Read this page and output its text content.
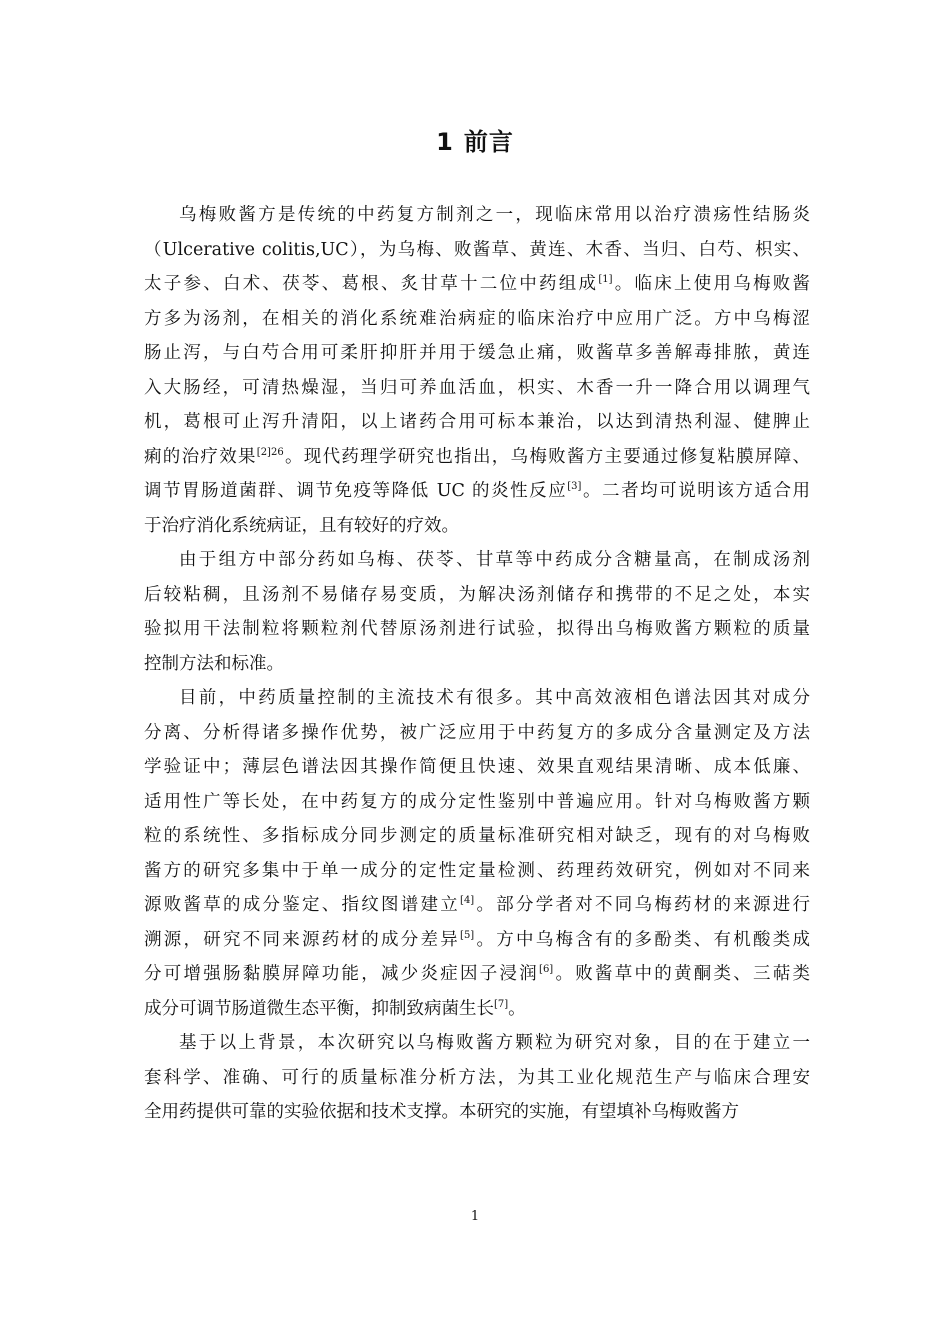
1 前言
乌梅败酱方是传统的中药复方制剂之一，现临床常用以治疗溃疡性结肠炎
（Ulcerative colitis,UC），为乌梅、败酱草、黄连、木香、当归、白芍、枳实、
太子参、白术、茯苓、葛根、炙甘草十二位中药组成[1]。临床上使用乌梅败酱
方多为汤剂，在相关的消化系统难治病症的临床治疗中应用广泛。方中乌梅涩
肠止泻，与白芍合用可柔肝抑肝并用于缓急止痛，败酱草多善解毒排脓，黄连
入大肠经，可清热燥湿，当归可养血活血，枳实、木香一升一降合用以调理气
机，葛根可止泻升清阳，以上诸药合用可标本兼治，以达到清热利湿、健脾止
痢的治疗效果$^{[2]26}$。现代药理学研究也指出，乌梅败酱方主要通过修复粘膜屏障、
调节胃肠道菌群、调节免疫等降低 UC 的炎性反应[3]。二者均可说明该方适合用
于治疗消化系统病证，且有较好的疗效。
由于组方中部分药如乌梅、茯苓、甘草等中药成分含糖量高，在制成汤剂
后较粘稠，且汤剂不易储存易变质，为解决汤剂储存和携带的不足之处，本实
验拟用干法制粒将颗粒剂代替原汤剂进行试验，拟得出乌梅败酱方颗粒的质量
控制方法和标准。
目前，中药质量控制的主流技术有很多。其中高效液相色谱法因其对成分
分离、分析得诸多操作优势，被广泛应用于中药复方的多成分含量测定及方法
学验证中；薄层色谱法因其操作简便且快速、效果直观结果清晰、成本低廉、
适用性广等长处，在中药复方的成分定性鉴别中普遍应用。针对乌梅败酱方颗
粒的系统性、多指标成分同步测定的质量标准研究相对缺乏，现有的对乌梅败
酱方的研究多集中于单一成分的定性定量检测、药理药效研究，例如对不同来
源败酱草的成分鉴定、指纹图谱建立[4]。部分学者对不同乌梅药材的来源进行
溯源，研究不同来源药材的成分差异[5]。方中乌梅含有的多酚类、有机酸类成
分可增强肠黏膜屏障功能，减少炎症因子浸润[6]。败酱草中的黄酮类、三萜类
成分可调节肠道微生态平衡，抑制致病菌生长[7]。
基于以上背景，本次研究以乌梅败酱方颗粒为研究对象，目的在于建立一
套科学、准确、可行的质量标准分析方法，为其工业化规范生产与临床合理安
全用药提供可靠的实验依据和技术支撑。本研究的实施，有望填补乌梅败酱方
1
